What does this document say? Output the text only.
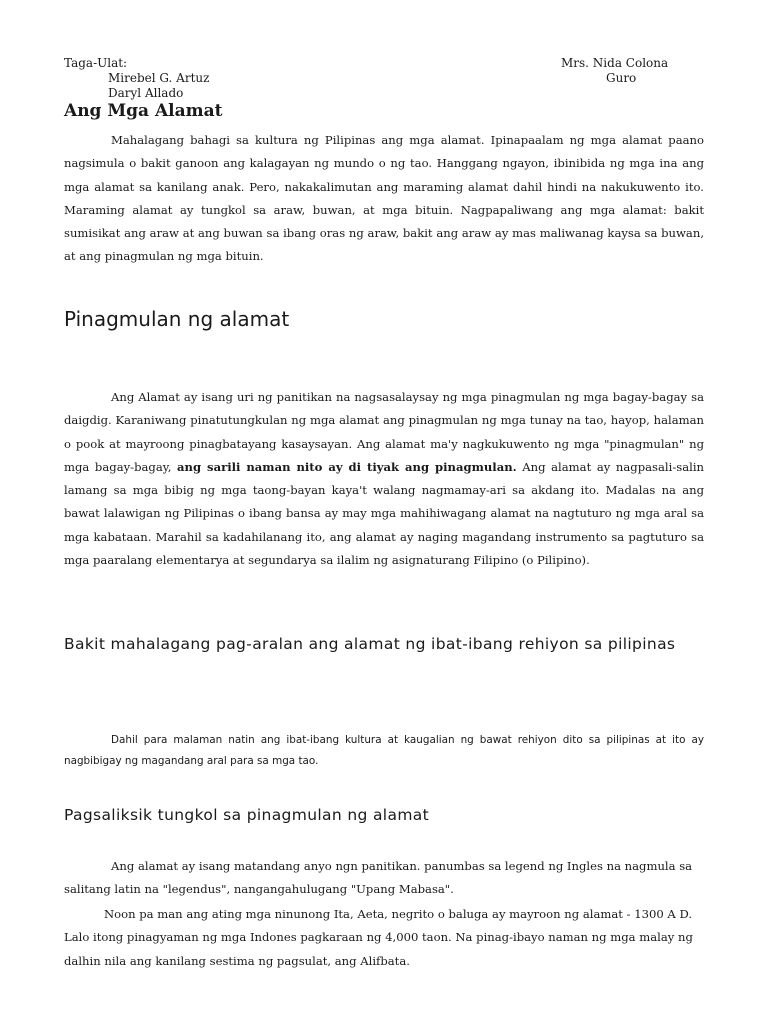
Taga-Ulat:
Mirebel G. Artuz
Daryl Allado
Mrs. Nida Colona
Guro
Ang Mga Alamat

Mahalagang bahagi sa kultura ng Pilipinas ang mga alamat. Ipinapaalam ng mga alamat paano nagsimula o bakit ganoon ang kalagayan ng mundo o ng tao. Hanggang ngayon, ibinibida ng mga ina ang mga alamat sa kanilang anak. Pero, nakakalimutan ang maraming alamat dahil hindi na nakukuwento ito. Maraming alamat ay tungkol sa araw, buwan, at mga bituin. Nagpapaliwang ang mga alamat: bakit sumisikat ang araw at ang buwan sa ibang oras ng araw, bakit ang araw ay mas maliwanag kaysa sa buwan, at ang pinagmulan ng mga bituin.

Pinagmulan ng alamat

Ang Alamat ay isang uri ng panitikan na nagsasalaysay ng mga pinagmulan ng mga bagay-bagay sa daigdig. Karaniwang pinatutungkulan ng mga alamat ang pinagmulan ng mga tunay na tao, hayop, halaman o pook at mayroong pinagbatayang kasaysayan. Ang alamat ma'y nagkukuwento ng mga "pinagmulan" ng mga bagay-bagay, ang sarili naman nito ay di tiyak ang pinagmulan. Ang alamat ay nagpasali-salin lamang sa mga bibig ng mga taong-bayan kaya't walang nagmamay-ari sa akdang ito. Madalas na ang bawat lalawigan ng Pilipinas o ibang bansa ay may mga mahihiwagang alamat na nagtuturo ng mga aral sa mga kabataan. Marahil sa kadahilanang ito, ang alamat ay naging magandang instrumento sa pagtuturo sa mga paaralang elementarya at segundarya sa ilalim ng asignaturang Filipino (o Pilipino).

Bakit mahalagang pag-aralan ang alamat ng ibat-ibang rehiyon sa pilipinas

Dahil para malaman natin ang ibat-ibang kultura at kaugalian ng bawat rehiyon dito sa pilipinas at ito ay nagbibigay ng magandang aral para sa mga tao.

Pagsaliksik tungkol sa pinagmulan ng alamat

Ang alamat ay isang matandang anyo ngn panitikan. panumbas sa legend ng Ingles na nagmula sa salitang latin na "legendus", nangangahulugang "Upang Mabasa".

Noon pa man ang ating mga ninunong Ita, Aeta, negrito o baluga ay mayroon ng alamat - 1300 A D. Lalo itong pinagyaman ng mga Indones pagkaraan ng 4,000 taon. Na pinag-ibayo naman ng mga malay ng dalhin nila ang kanilang sestima ng pagsulat, ang Alifbata.
